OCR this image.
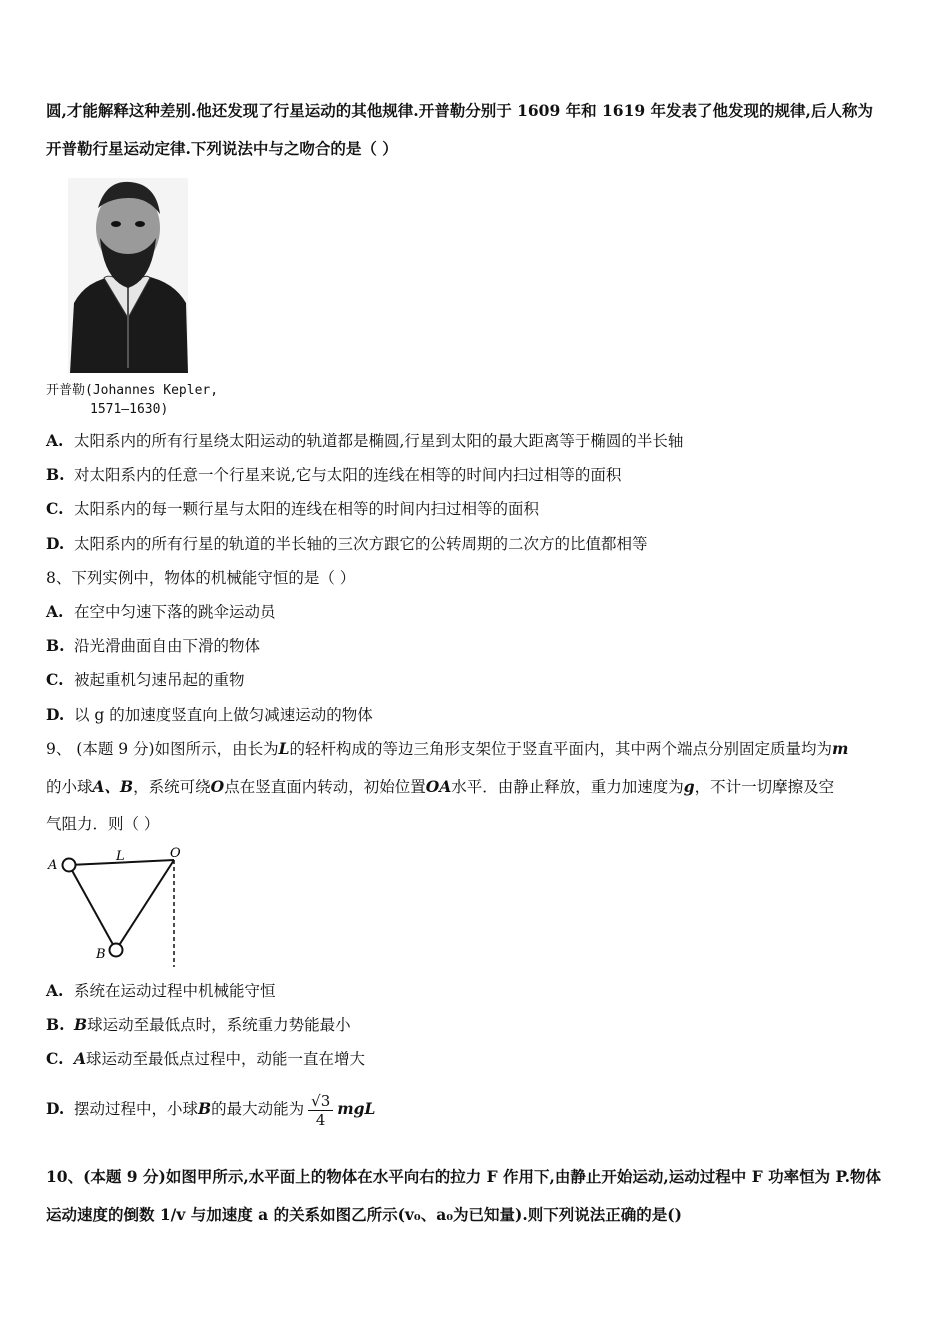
圆,才能解释这种差别.他还发现了行星运动的其他规律.开普勒分别于 1609 年和 1619 年发表了他发现的规律,后人称为
开普勒行星运动定律.下列说法中与之吻合的是（ ）
开普勒(Johannes Kepler,
1571—1630)
A. 太阳系内的所有行星绕太阳运动的轨道都是椭圆,行星到太阳的最大距离等于椭圆的半长轴
B. 对太阳系内的任意一个行星来说,它与太阳的连线在相等的时间内扫过相等的面积
C. 太阳系内的每一颗行星与太阳的连线在相等的时间内扫过相等的面积
D. 太阳系内的所有行星的轨道的半长轴的三次方跟它的公转周期的二次方的比值都相等
8、下列实例中，物体的机械能守恒的是（ ）
A. 在空中匀速下落的跳伞运动员
B. 沿光滑曲面自由下滑的物体
C. 被起重机匀速吊起的重物
D. 以 g 的加速度竖直向上做匀减速运动的物体
9、 (本题 9 分)如图所示，由长为L的轻杆构成的等边三角形支架位于竖直平面内，其中两个端点分别固定质量均为m
的小球A、B，系统可绕O点在竖直面内转动，初始位置OA水平．由静止释放，重力加速度为g，不计一切摩擦及空
气阻力．则（ ）
A
L	O
B
A. 系统在运动过程中机械能守恒
B. B球运动至最低点时，系统重力势能最小
C. A球运动至最低点过程中，动能一直在增大
D. 摆动过程中，小球B的最大动能为 $\frac{√3}{4}$ mgL
10、(本题 9 分)如图甲所示,水平面上的物体在水平向右的拉力 F 作用下,由静止开始运动,运动过程中 F 功率恒为 P.物体
运动速度的倒数 1/v 与加速度 a 的关系如图乙所示(v₀、a₀为已知量).则下列说法正确的是()
